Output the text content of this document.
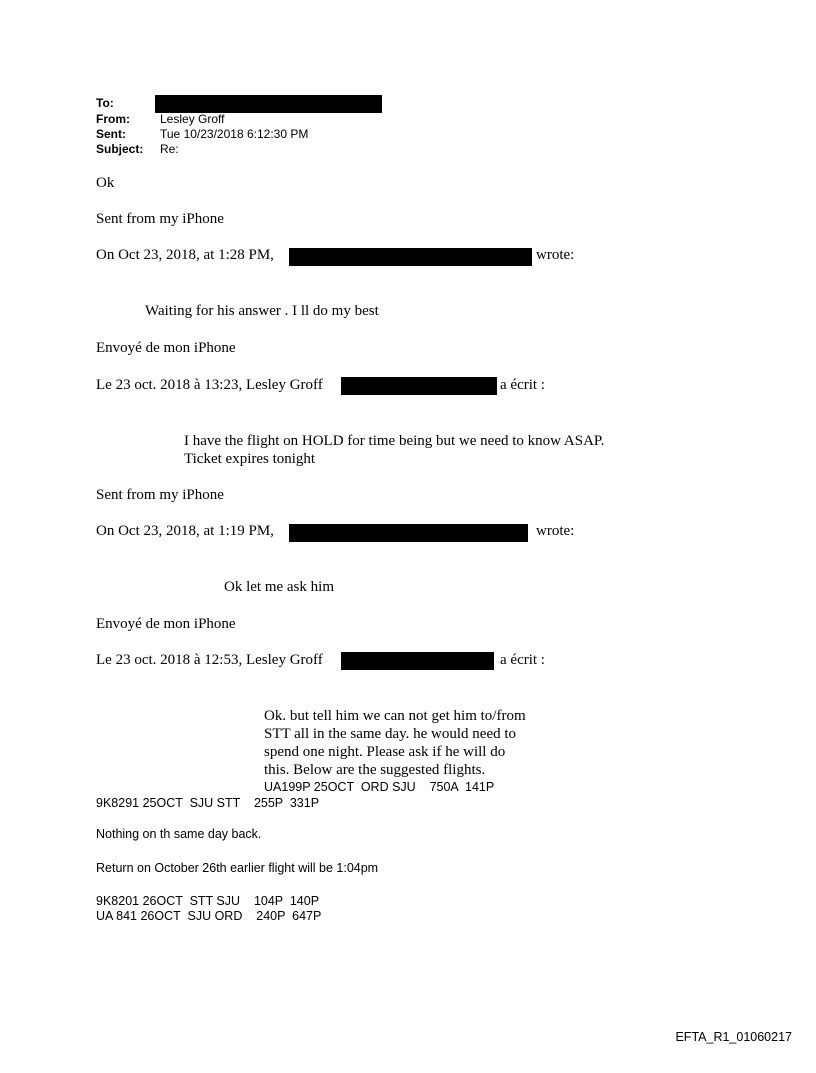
To:
From:	Lesley Groff
Sent:	Tue 10/23/2018 6:12:30 PM
Subject: Re:
Ok
Sent from my iPhone
On Oct 23, 2018, at 1:28 PM,	wrote:
Waiting for his answer . I ll do my best
Envoyé de mon iPhone
Le 23 oct. 2018 à 13:23, Lesley Groff	a écrit :
I have the flight on HOLD for time being but we need to know ASAP.
Ticket expires tonight
Sent from my iPhone
On Oct 23, 2018, at 1:19 PM,	wrote:
Ok let me ask him
Envoyé de mon iPhone
Le 23 oct. 2018 à 12:53, Lesley Groff	a écrit :
Ok. but tell him we can not get him to/from
STT all in the same day. he would need to
spend one night. Please ask if he will do
this. Below are the suggested flights.
UA199P 25OCT  ORD SJU    750A  141P
9K8291 25OCT  SJU STT    255P  331P
Nothing on th same day back.
Return on October 26th earlier flight will be 1:04pm
9K8201 26OCT  STT SJU    104P  140P
UA 841 26OCT  SJU ORD    240P  647P
EFTA_R1_01060217
